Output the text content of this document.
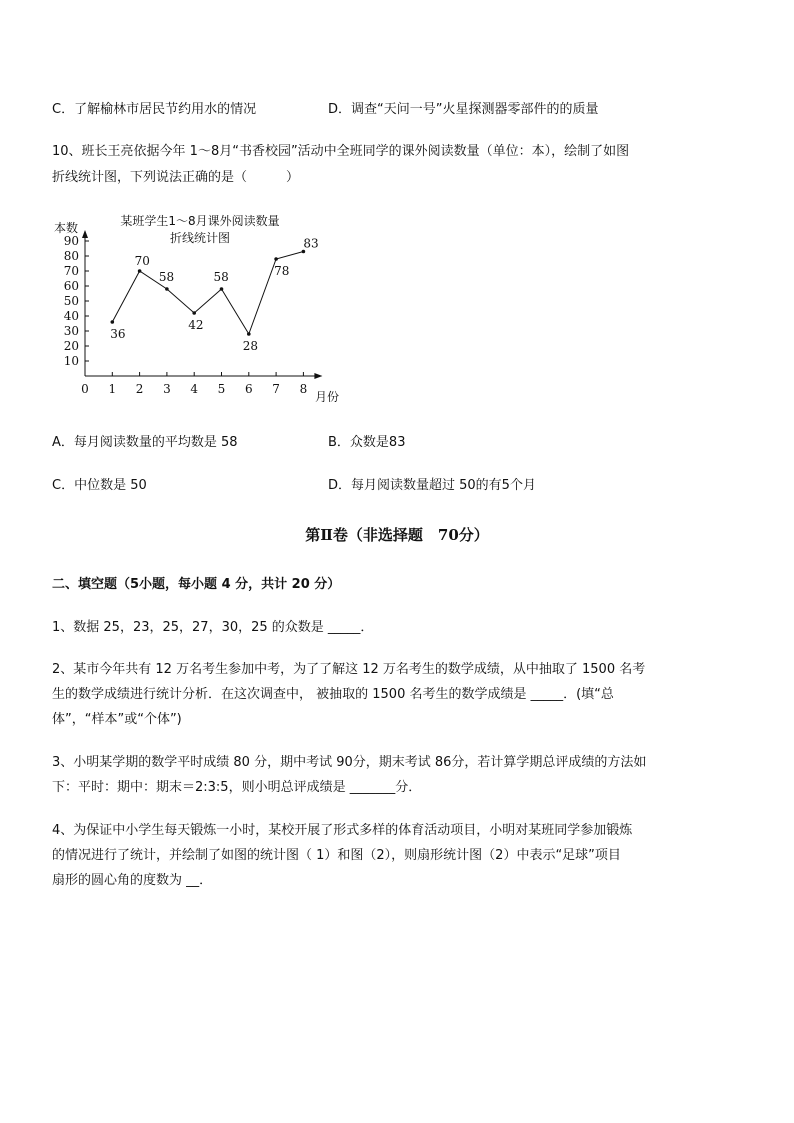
C．了解榆林市居民节约用水的情况	D．调查“天问一号”火星探测器零部件的的质量
10、班长王亮依据今年 1～8月“书香校园”活动中全班同学的课外阅读数量（单位：本），绘制了如图
折线统计图，下列说法正确的是（　　　）
本数	某班学生1～8月课外阅读数量
折线统计图
10
20
30
40
50
60
70
80
90
0 1 2 3 4 5 6 7 8
36
70
58
42
58
28
78
83
月份
A．每月阅读数量的平均数是 58	B．众数是83
C．中位数是 50	D．每月阅读数量超过 50的有5个月
第Ⅱ卷（非选择题　70分）
二、填空题（5小题，每小题 4 分，共计 20 分）
1、数据 25，23，25，27，30，25 的众数是 _____．
2、某市今年共有 12 万名考生参加中考，为了了解这 12 万名考生的数学成绩，从中抽取了 1500 名考
生的数学成绩进行统计分析．在这次调查中， 被抽取的 1500 名考生的数学成绩是 _____．(填“总
体”，“样本”或“个体”)
3、小明某学期的数学平时成绩 80 分，期中考试 90分，期末考试 86分，若计算学期总评成绩的方法如
下：平时：期中：期末＝2:3:5，则小明总评成绩是 _______分．
4、为保证中小学生每天锻炼一小时，某校开展了形式多样的体育活动项目，小明对某班同学参加锻炼
的情况进行了统计，并绘制了如图的统计图（ 1）和图（2），则扇形统计图（2）中表示“足球”项目
扇形的圆心角的度数为 __．
